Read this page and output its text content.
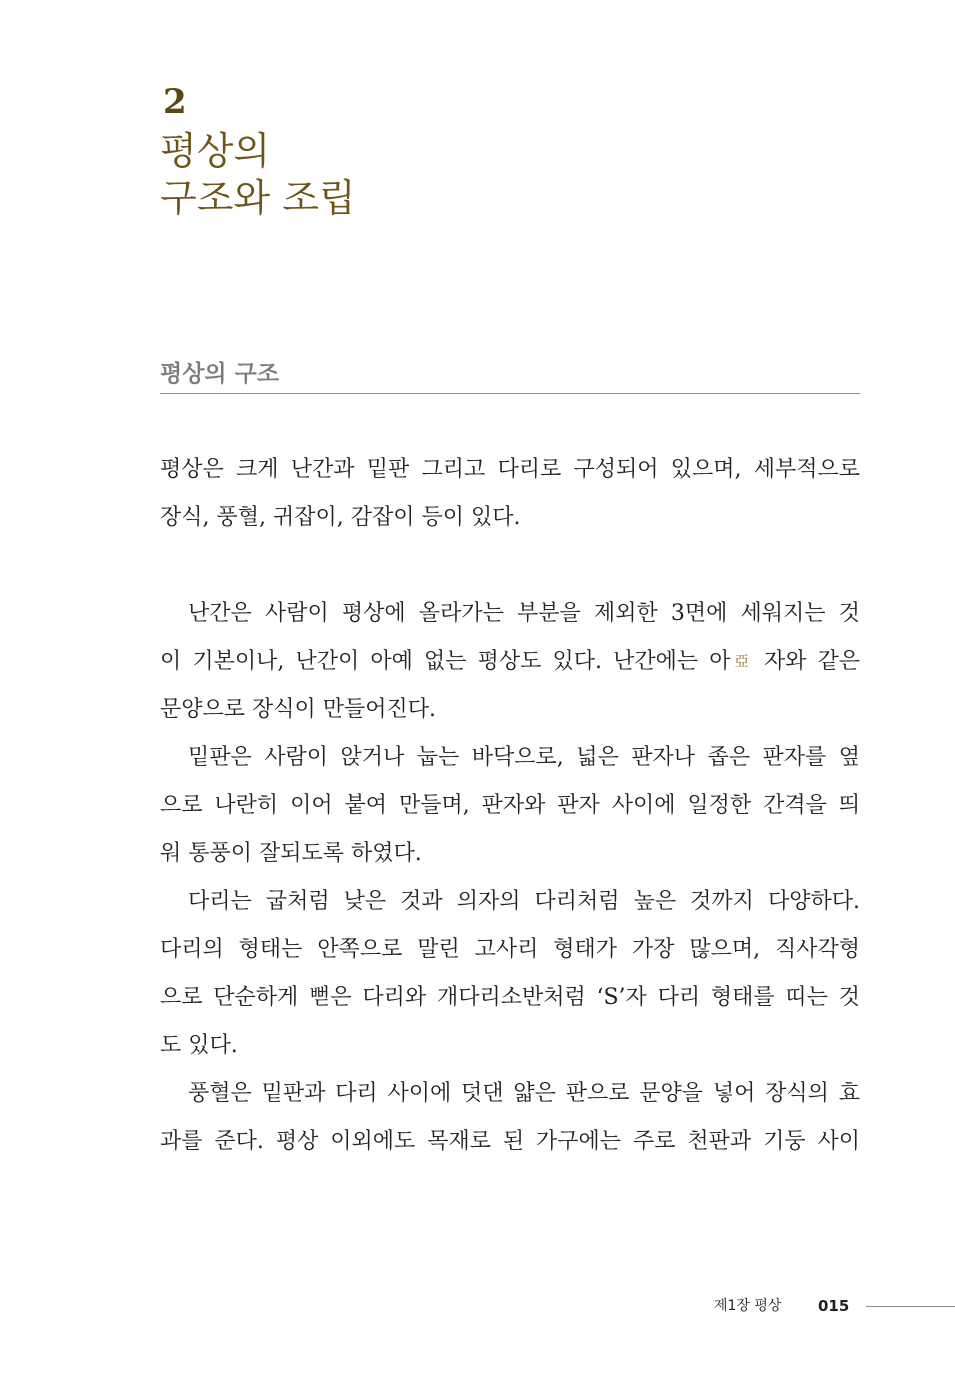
2
평상의
구조와 조립
평상의 구조
평상은 크게 난간과 밑판 그리고 다리로 구성되어 있으며, 세부적으로
장식, 풍혈, 귀잡이, 감잡이 등이 있다.
난간은 사람이 평상에 올라가는 부분을 제외한 3면에 세워지는 것
이 기본이나, 난간이 아예 없는 평상도 있다. 난간에는 아亞 자와 같은
문양으로 장식이 만들어진다.
밑판은 사람이 앉거나 눕는 바닥으로, 넓은 판자나 좁은 판자를 옆
으로 나란히 이어 붙여 만들며, 판자와 판자 사이에 일정한 간격을 띄
워 통풍이 잘되도록 하였다.
다리는 굽처럼 낮은 것과 의자의 다리처럼 높은 것까지 다양하다.
다리의 형태는 안쪽으로 말린 고사리 형태가 가장 많으며, 직사각형
으로 단순하게 뻗은 다리와 개다리소반처럼 ‘S’자 다리 형태를 띠는 것
도 있다.
풍혈은 밑판과 다리 사이에 덧댄 얇은 판으로 문양을 넣어 장식의 효
과를 준다. 평상 이외에도 목재로 된 가구에는 주로 천판과 기둥 사이
제1장 평상 015
